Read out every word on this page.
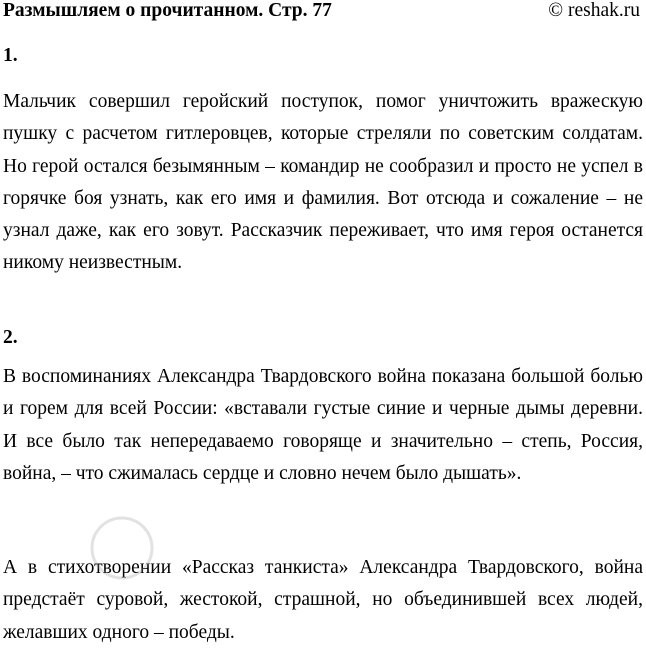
Размышляем о прочитанном. Стр. 77	© reshak.ru
1.

Мальчик совершил геройский поступок, помог уничтожить вражескую пушку с расчетом гитлеровцев, которые стреляли по советским солдатам. Но герой остался безымянным – командир не сообразил и просто не успел в горячке боя узнать, как его имя и фамилия. Вот отсюда и сожаление – не узнал даже, как его зовут. Рассказчик переживает, что имя героя останется никому неизвестным.

2.

В воспоминаниях Александра Твардовского война показана большой болью и горем для всей России: «вставали густые синие и черные дымы деревни. И все было так непередаваемо говоряще и значительно – степь, Россия, война, – что сжималась сердце и словно нечем было дышать».

А в стихотворении «Рассказ танкиста» Александра Твардовского, война предстаёт суровой, жестокой, страшной, но объединившей всех людей, желавших одного – победы.
